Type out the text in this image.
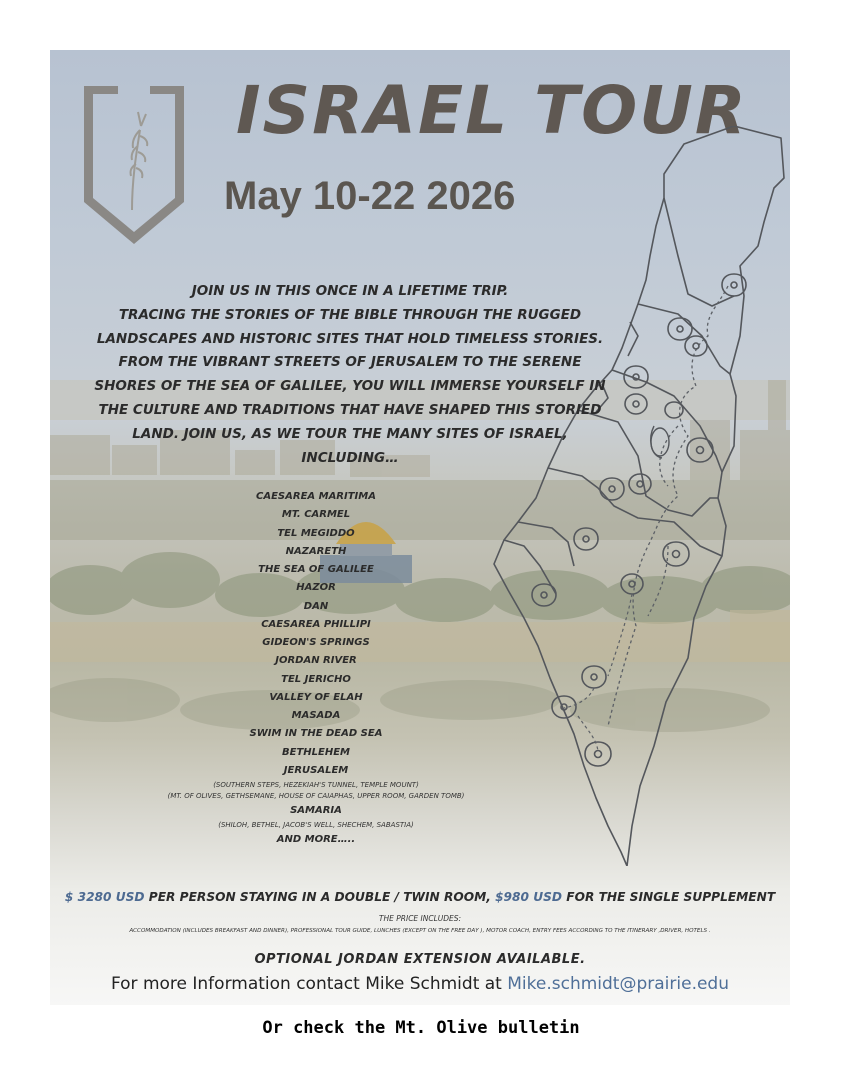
ISRAEL TOUR
May 10-22 2026
JOIN US IN THIS ONCE IN A LIFETIME TRIP.
TRACING THE STORIES OF THE BIBLE THROUGH THE RUGGED
LANDSCAPES AND HISTORIC SITES THAT HOLD TIMELESS STORIES.
FROM THE VIBRANT STREETS OF JERUSALEM TO THE SERENE
SHORES OF THE SEA OF GALILEE, YOU WILL IMMERSE YOURSELF IN
THE CULTURE AND TRADITIONS THAT HAVE SHAPED THIS STORIED
LAND. JOIN US, AS WE TOUR THE MANY SITES OF ISRAEL,
INCLUDING…
CAESAREA MARITIMA
MT. CARMEL
TEL MEGIDDO
NAZARETH
THE SEA OF GALILEE
HAZOR
DAN
CAESAREA PHILLIPI
GIDEON'S SPRINGS
JORDAN RIVER
TEL JERICHO
VALLEY OF ELAH
MASADA
SWIM IN THE DEAD SEA
BETHLEHEM
JERUSALEM
(SOUTHERN STEPS, HEZEKIAH'S TUNNEL, TEMPLE MOUNT)
(MT. OF OLIVES, GETHSEMANE, HOUSE OF CAIAPHAS, UPPER ROOM, GARDEN TOMB)
SAMARIA
(SHILOH, BETHEL, JACOB'S WELL, SHECHEM, SABASTIA)
AND MORE…..
$ 3280 USD PER PERSON STAYING IN A DOUBLE / TWIN ROOM, $980 USD FOR THE SINGLE SUPPLEMENT
THE PRICE INCLUDES:
ACCOMMODATION (INCLUDES BREAKFAST AND DINNER), PROFESSIONAL TOUR GUIDE, LUNCHES (EXCEPT ON THE FREE DAY ), MOTOR COACH, ENTRY FEES ACCORDING TO THE ITINERARY ,DRIVER, HOTELS .
OPTIONAL JORDAN EXTENSION AVAILABLE.
For more Information contact Mike Schmidt at Mike.schmidt@prairie.edu
Or check the Mt. Olive bulletin
